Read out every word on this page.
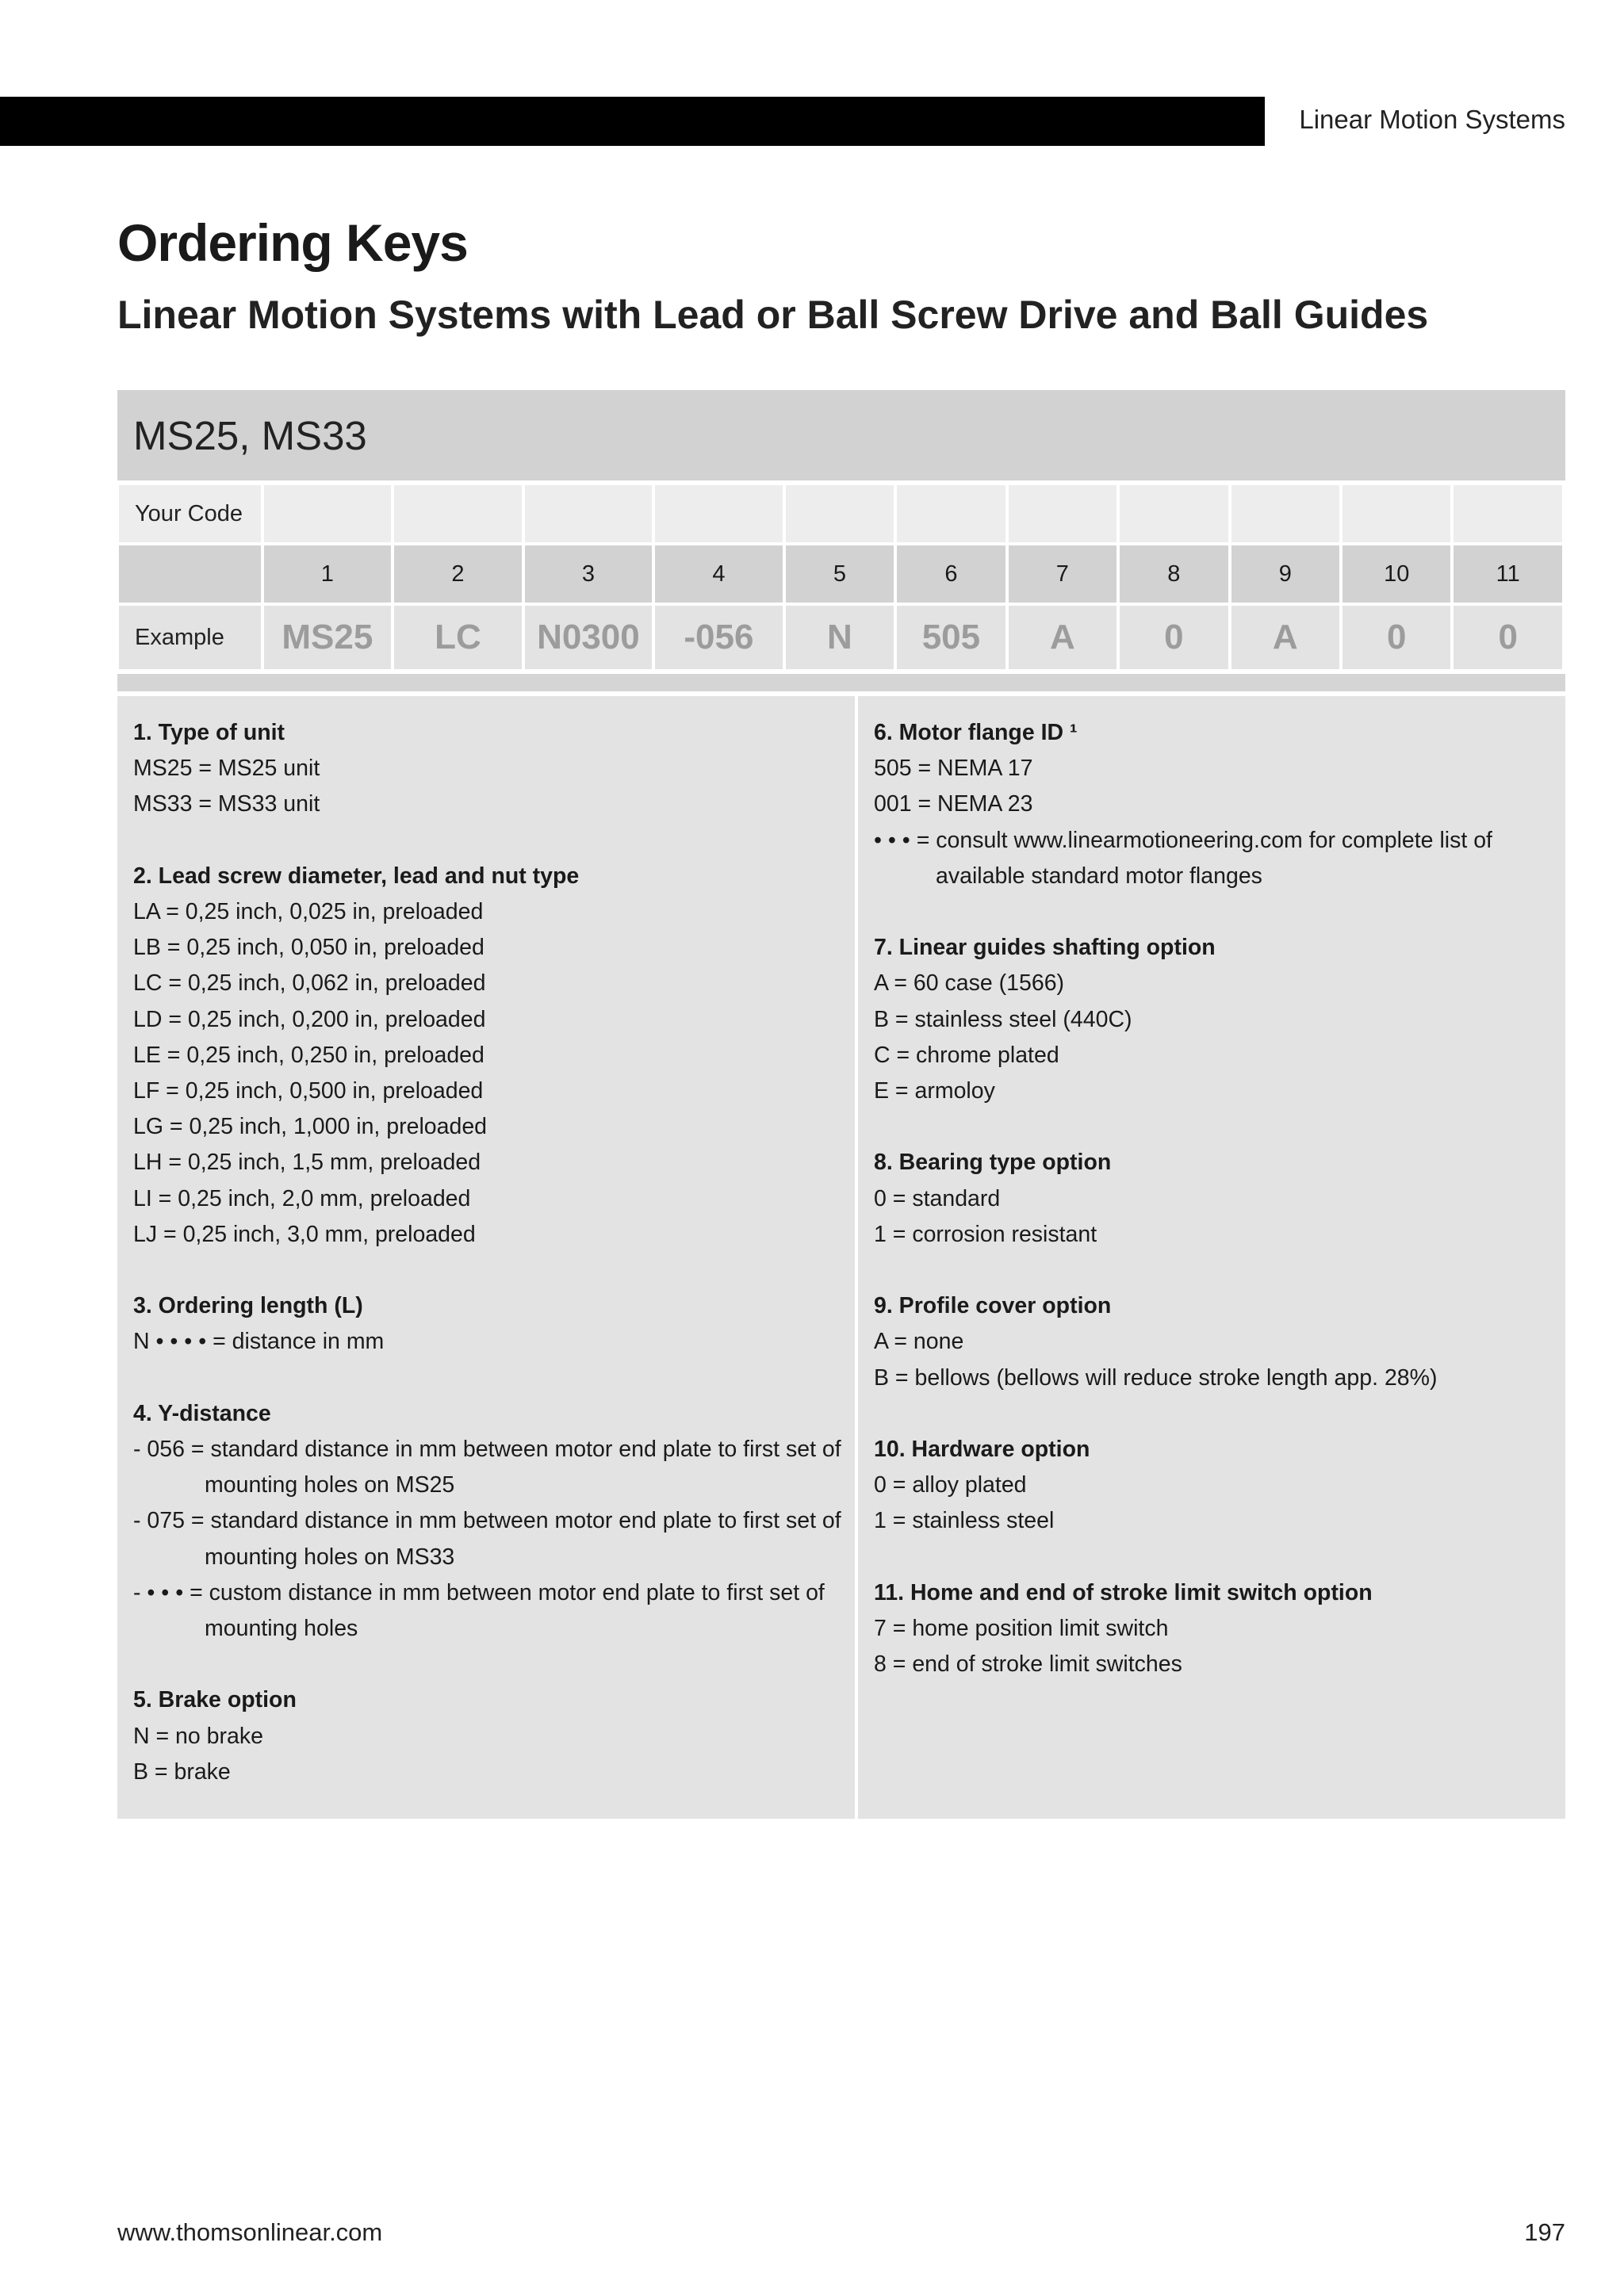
Linear Motion Systems
Ordering Keys
Linear Motion Systems with Lead or Ball Screw Drive and Ball Guides
MS25, MS33
Your Code											

	1	2	3	4	5	6	7	8	9	10	11

Example	MS25	LC	N0300	-056	N	505	A	0	A	0	0
1. Type of unit
MS25 = MS25 unit
MS33 = MS33 unit
2. Lead screw diameter, lead and nut type
LA = 0,25 inch, 0,025 in, preloaded
LB = 0,25 inch, 0,050 in, preloaded
LC = 0,25 inch, 0,062 in, preloaded
LD = 0,25 inch, 0,200 in, preloaded
LE = 0,25 inch, 0,250 in, preloaded
LF = 0,25 inch, 0,500 in, preloaded
LG = 0,25 inch, 1,000 in, preloaded
LH = 0,25 inch, 1,5 mm, preloaded
LI = 0,25 inch, 2,0 mm, preloaded
LJ = 0,25 inch, 3,0 mm, preloaded
3. Ordering length (L)
N • • • • = distance in mm
4. Y-distance
- 056 = standard distance in mm between motor end plate to first set of
mounting holes on MS25
- 075 = standard distance in mm between motor end plate to first set of
mounting holes on MS33
- • • • = custom distance in mm between motor end plate to first set of
mounting holes
5. Brake option
N = no brake
B = brake
6. Motor flange ID ¹
505 = NEMA 17
001 = NEMA 23
• • • = consult www.linearmotioneering.com for complete list of
available standard motor flanges
7. Linear guides shafting option
A = 60 case (1566)
B = stainless steel (440C)
C = chrome plated
E = armoloy
8. Bearing type option
0 = standard
1 = corrosion resistant
9. Profile cover option
A = none
B = bellows (bellows will reduce stroke length app. 28%)
10. Hardware option
0 = alloy plated
1 = stainless steel
11. Home and end of stroke limit switch option
7 = home position limit switch
8 = end of stroke limit switches
www.thomsonlinear.com	197
